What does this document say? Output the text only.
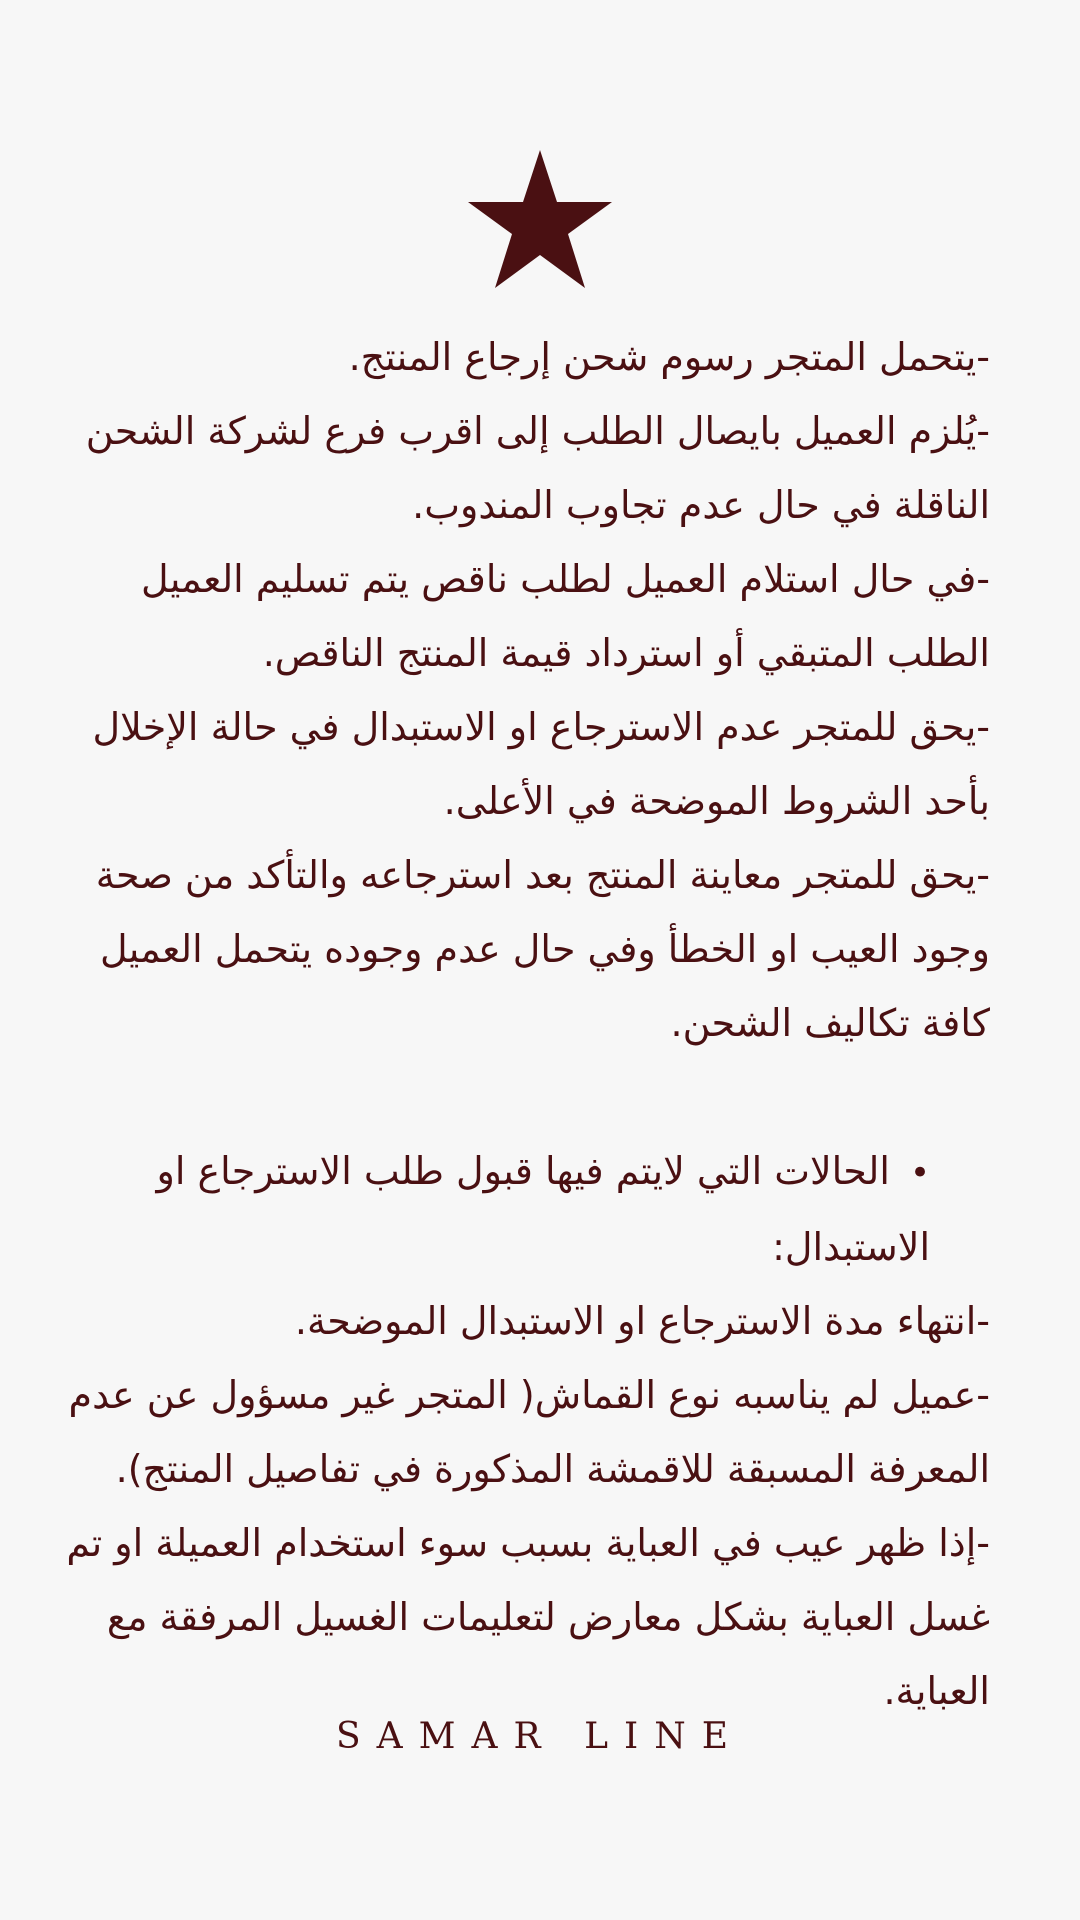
-يتحمل المتجر رسوم شحن إرجاع المنتج.

-يُلزم العميل بايصال الطلب إلى اقرب فرع لشركة الشحن الناقلة في حال عدم تجاوب المندوب.

-في حال استلام العميل لطلب ناقص يتم تسليم العميل الطلب المتبقي أو استرداد قيمة المنتج الناقص.

-يحق للمتجر عدم الاسترجاع او الاستبدال في حالة الإخلال بأحد الشروط الموضحة في الأعلى.

-يحق للمتجر معاينة المنتج بعد استرجاعه والتأكد من صحة وجود العيب او الخطأ وفي حال عدم وجوده يتحمل العميل كافة تكاليف الشحن.

•الحالات التي لايتم فيها قبول طلب الاسترجاع او الاستبدال:

-انتهاء مدة الاسترجاع او الاستبدال الموضحة.

-عميل لم يناسبه نوع القماش( المتجر غير مسؤول عن عدم المعرفة المسبقة للاقمشة المذكورة في تفاصيل المنتج).

-إذا ظهر عيب في العباية بسبب سوء استخدام العميلة او تم غسل العباية بشكل معارض لتعليمات الغسيل المرفقة مع العباية.

SAMAR LINE
